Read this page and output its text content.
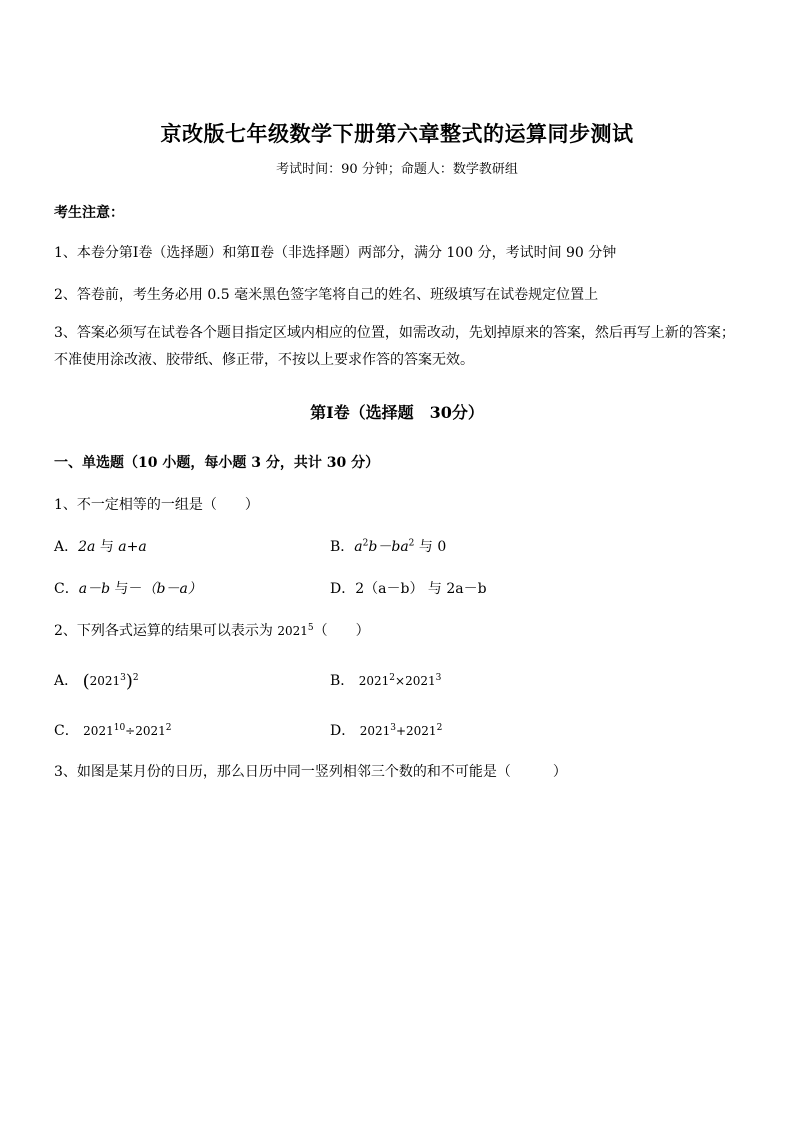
京改版七年级数学下册第六章整式的运算同步测试
考试时间：90 分钟；命题人：数学教研组
考生注意：
1、本卷分第Ⅰ卷（选择题）和第Ⅱ卷（非选择题）两部分，满分 100 分，考试时间 90 分钟
2、答卷前，考生务必用 0.5 毫米黑色签字笔将自己的姓名、班级填写在试卷规定位置上
3、答案必须写在试卷各个题目指定区域内相应的位置，如需改动，先划掉原来的答案，然后再写上新的答案；不准使用涂改液、胶带纸、修正带，不按以上要求作答的答案无效。
第Ⅰ卷（选择题　30分）
一、单选题（10 小题，每小题 3 分，共计 30 分）
1、不一定相等的一组是（　　）
A．2a 与 a+a	B．$a^2b-ba^2$ 与 0
C．a－b 与－（b－a）	D．2（a－b） 与 2a－b
2、下列各式运算的结果可以表示为 2021$^5$（　　）
A． $(2021^3)^2$	B． $2021^2\times 2021^3$
C． $2021^{10}\div 2021^2$	D． $2021^3+2021^2$
3、如图是某月份的日历，那么日历中同一竖列相邻三个数的和不可能是（　　　）
